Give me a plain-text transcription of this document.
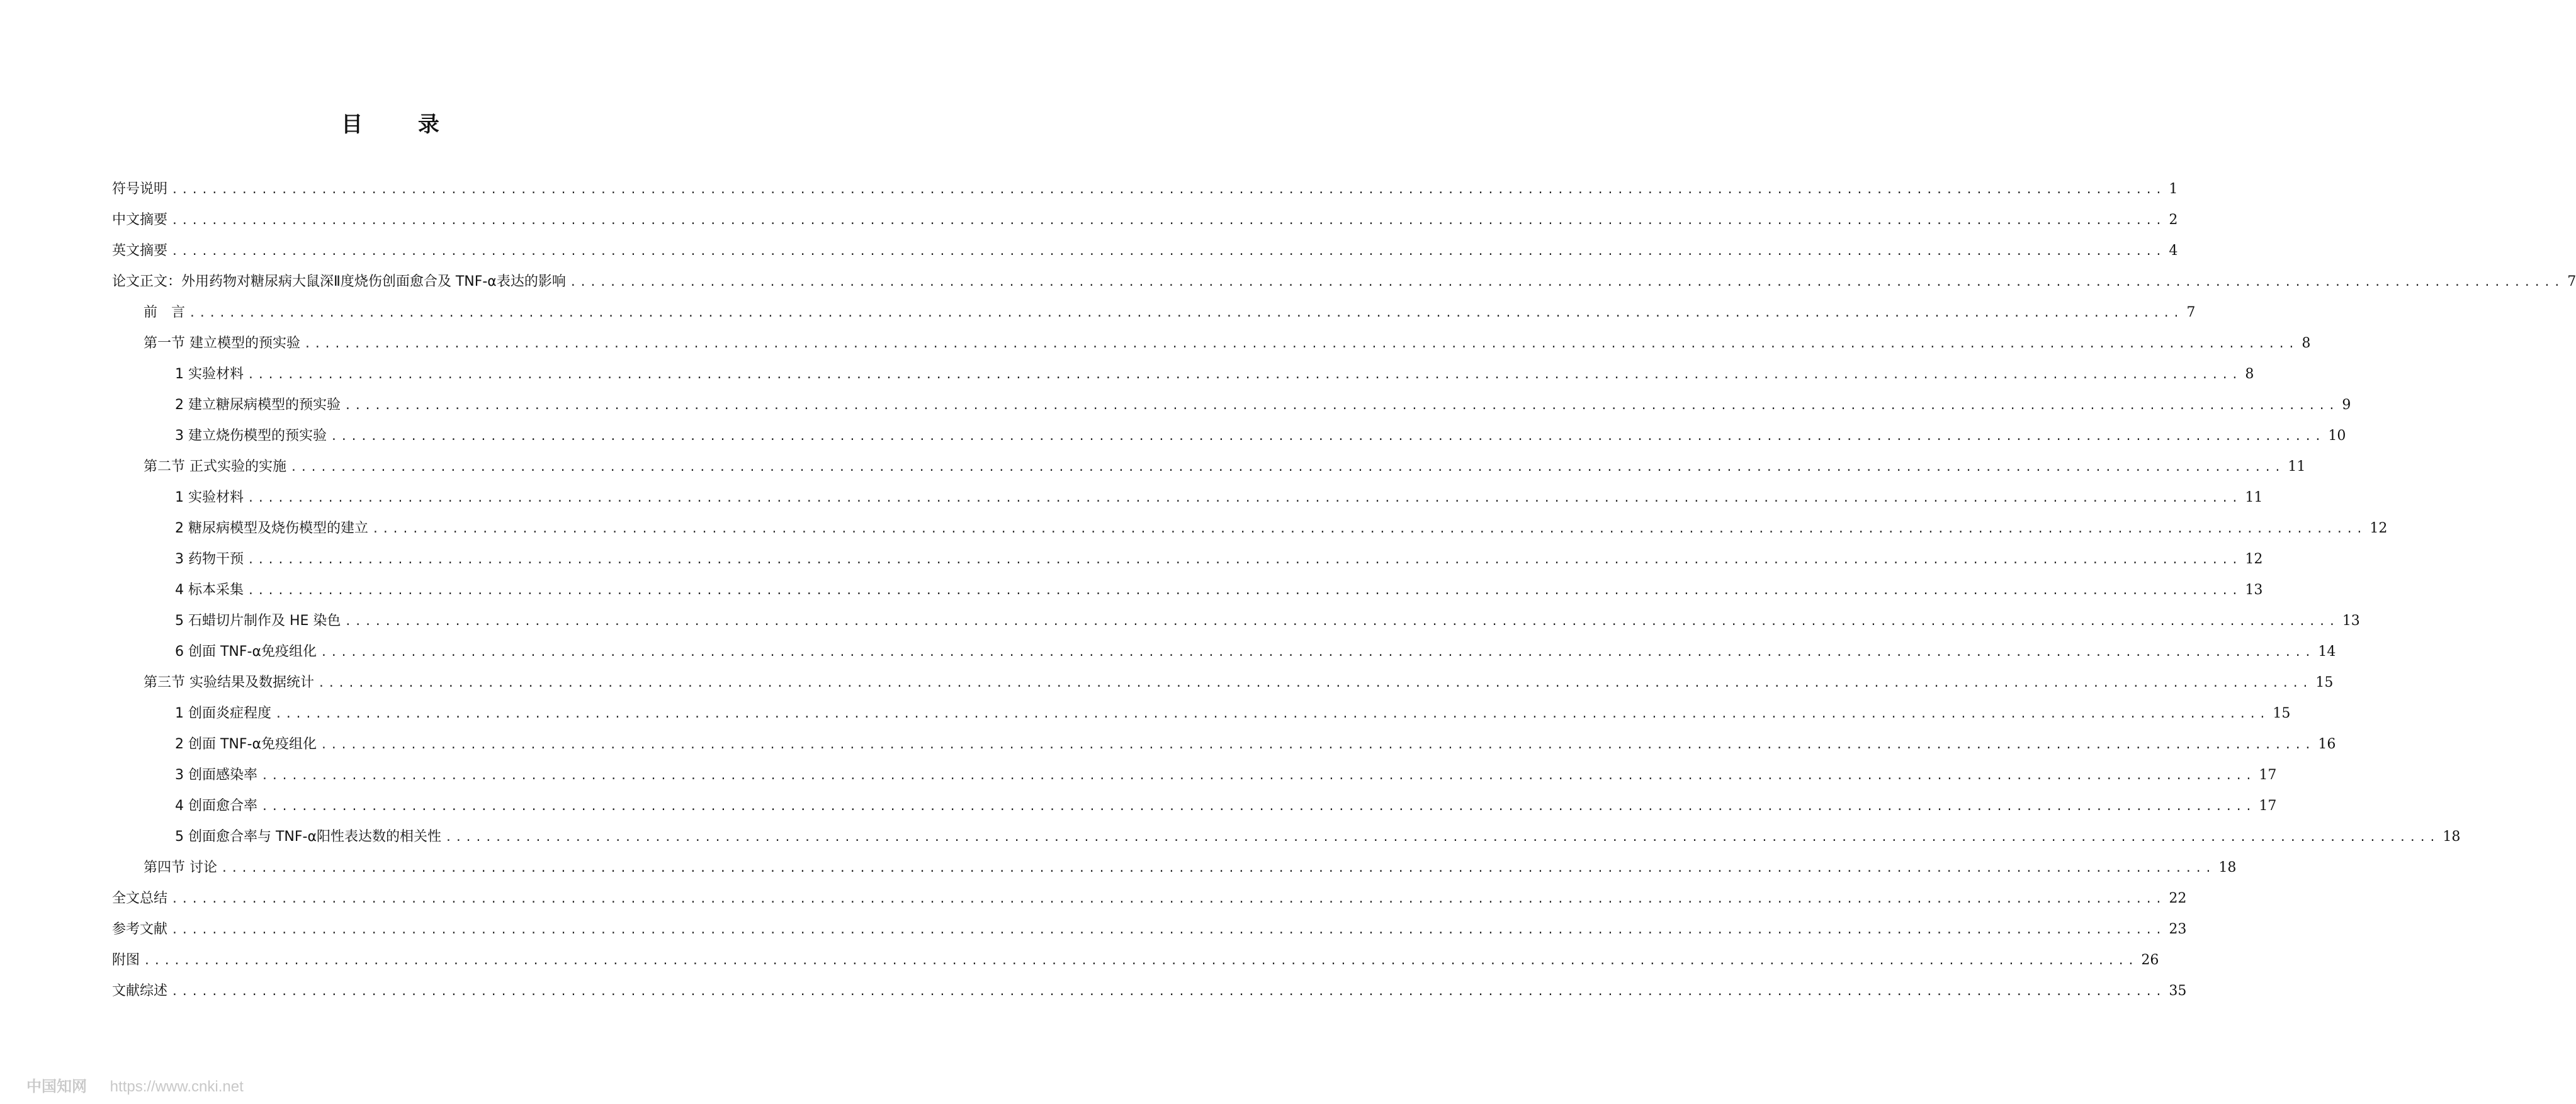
目 录
符号说明 ........................................................................................................................................................................................................ 1
中文摘要 ........................................................................................................................................................................................................ 2
英文摘要 ........................................................................................................................................................................................................ 4
论文正文：外用药物对糖尿病大鼠深Ⅱ度烧伤创面愈合及 TNF-α表达的影响 ........................................................................................................................................................................................................ 7
前　言 ........................................................................................................................................................................................................ 7
第一节 建立模型的预实验 ........................................................................................................................................................................................................ 8
1 实验材料 ........................................................................................................................................................................................................ 8
2 建立糖尿病模型的预实验 ........................................................................................................................................................................................................ 9
3 建立烧伤模型的预实验 ........................................................................................................................................................................................................ 10
第二节 正式实验的实施 ........................................................................................................................................................................................................ 11
1 实验材料 ........................................................................................................................................................................................................ 11
2 糖尿病模型及烧伤模型的建立 ........................................................................................................................................................................................................ 12
3 药物干预 ........................................................................................................................................................................................................ 12
4 标本采集 ........................................................................................................................................................................................................ 13
5 石蜡切片制作及 HE 染色 ........................................................................................................................................................................................................ 13
6 创面 TNF-α免疫组化 ........................................................................................................................................................................................................ 14
第三节 实验结果及数据统计 ........................................................................................................................................................................................................ 15
1 创面炎症程度 ........................................................................................................................................................................................................ 15
2 创面 TNF-α免疫组化 ........................................................................................................................................................................................................ 16
3 创面感染率 ........................................................................................................................................................................................................ 17
4 创面愈合率 ........................................................................................................................................................................................................ 17
5 创面愈合率与 TNF-α阳性表达数的相关性 ........................................................................................................................................................................................................ 18
第四节 讨论 ........................................................................................................................................................................................................ 18
全文总结 ........................................................................................................................................................................................................ 22
参考文献 ........................................................................................................................................................................................................ 23
附图 ........................................................................................................................................................................................................ 26
文献综述 ........................................................................................................................................................................................................ 35
中国知网 https://www.cnki.net
